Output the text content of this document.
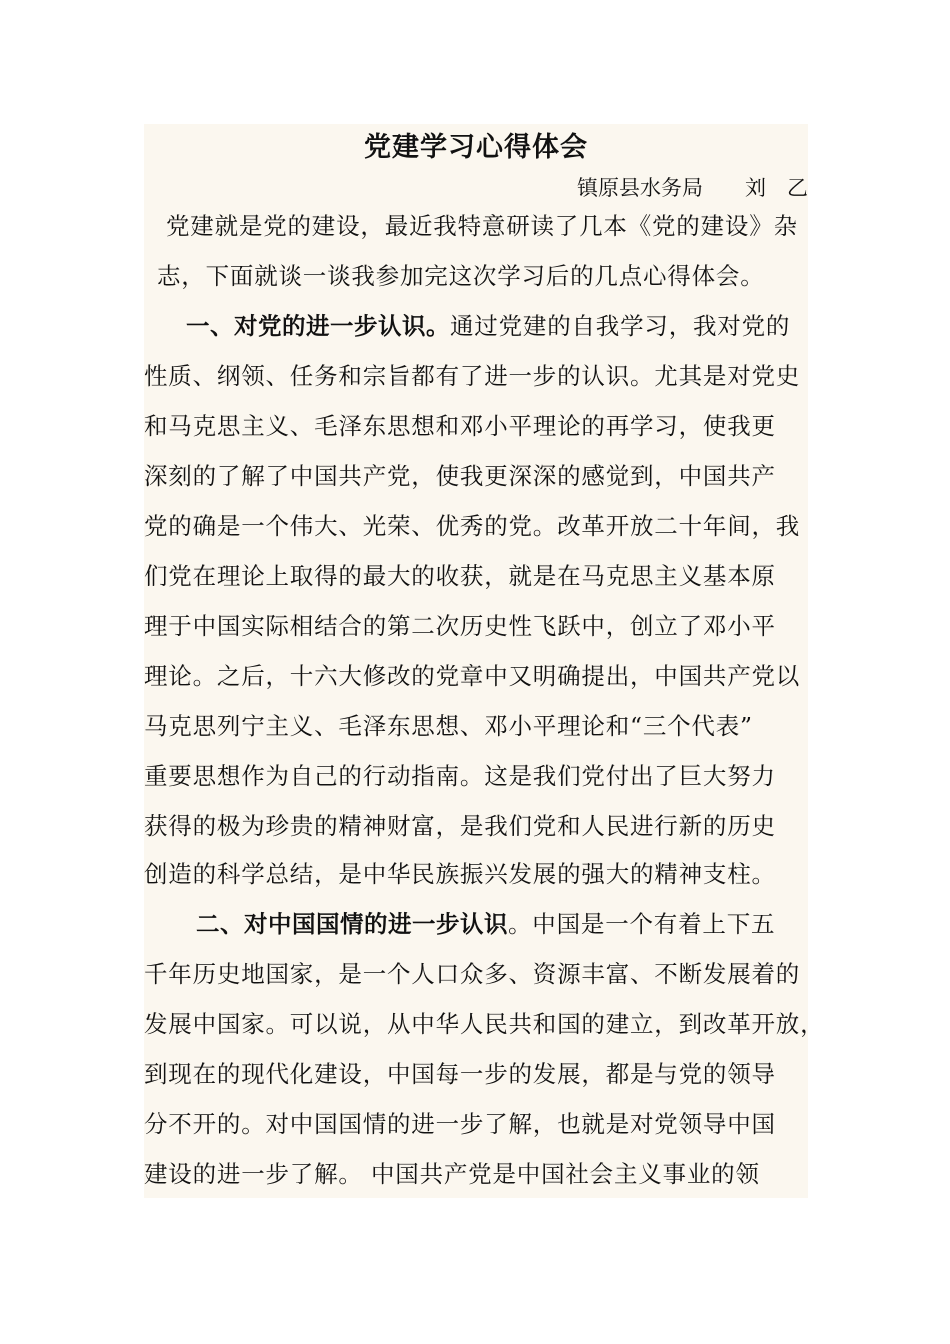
党建学习心得体会
镇原县水务局 刘　乙
党建就是党的建设，最近我特意研读了几本《党的建设》杂
志，下面就谈一谈我参加完这次学习后的几点心得体会。
一、对党的进一步认识。通过党建的自我学习，我对党的
性质、纲领、任务和宗旨都有了进一步的认识。尤其是对党史
和马克思主义、毛泽东思想和邓小平理论的再学习，使我更
深刻的了解了中国共产党，使我更深深的感觉到，中国共产
党的确是一个伟大、光荣、优秀的党。改革开放二十年间，我
们党在理论上取得的最大的收获，就是在马克思主义基本原
理于中国实际相结合的第二次历史性飞跃中，创立了邓小平
理论。之后，十六大修改的党章中又明确提出，中国共产党以
马克思列宁主义、毛泽东思想、邓小平理论和“三个代表”
重要思想作为自己的行动指南。这是我们党付出了巨大努力
获得的极为珍贵的精神财富，是我们党和人民进行新的历史
创造的科学总结，是中华民族振兴发展的强大的精神支柱。
二、对中国国情的进一步认识。中国是一个有着上下五
千年历史地国家，是一个人口众多、资源丰富、不断发展着的
发展中国家。可以说，从中华人民共和国的建立，到改革开放，
到现在的现代化建设，中国每一步的发展，都是与党的领导
分不开的。对中国国情的进一步了解，也就是对党领导中国
建设的进一步了解。 中国共产党是中国社会主义事业的领
